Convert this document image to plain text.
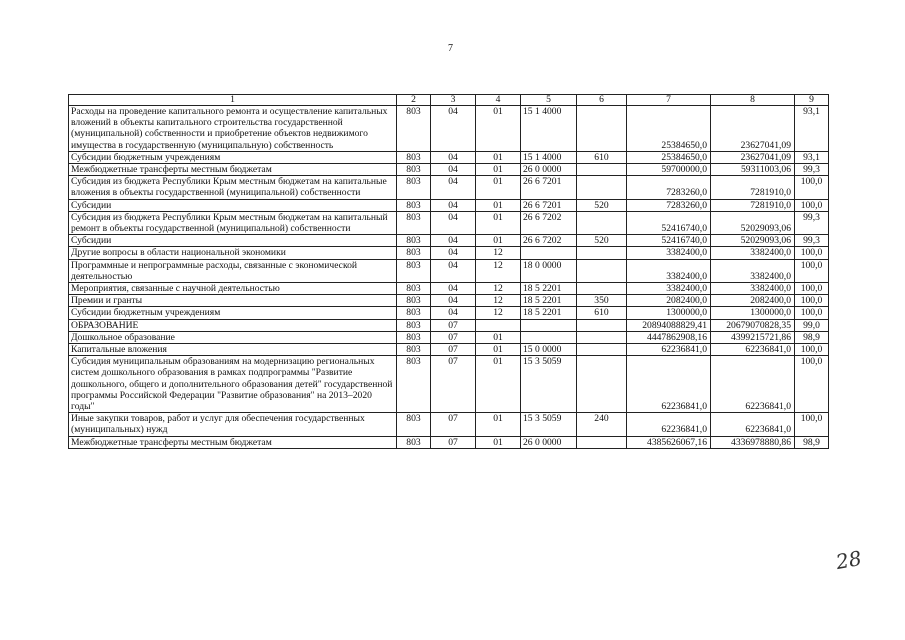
7
1	2	3	4	5	6	7	8	9
Расходы на проведение капитального ремонта и осуществление капитальных вложений в объекты капитального строительства государственной (муниципальной) собственности и приобретение объектов недвижимого имущества в государственную (муниципальную) собственность	803	04	01	15 1 4000		25384650,0	23627041,09	93,1
Субсидии бюджетным учреждениям	803	04	01	15 1 4000	610	25384650,0	23627041,09	93,1
Межбюджетные трансферты местным бюджетам	803	04	01	26 0 0000		59700000,0	59311003,06	99,3
Субсидия из бюджета Республики Крым местным бюджетам на капитальные вложения в объекты государственной (муниципальной) собственности	803	04	01	26 6 7201		7283260,0	7281910,0	100,0
Субсидии	803	04	01	26 6 7201	520	7283260,0	7281910,0	100,0
Субсидия из бюджета Республики Крым местным бюджетам на капитальный ремонт в объекты государственной (муниципальной) собственности	803	04	01	26 6 7202		52416740,0	52029093,06	99,3
Субсидии	803	04	01	26 6 7202	520	52416740,0	52029093,06	99,3
Другие вопросы в области национальной экономики	803	04	12			3382400,0	3382400,0	100,0
Программные и непрограммные расходы, связанные с экономической деятельностью	803	04	12	18 0 0000		3382400,0	3382400,0	100,0
Мероприятия, связанные с научной деятельностью	803	04	12	18 5 2201		3382400,0	3382400,0	100,0
Премии и гранты	803	04	12	18 5 2201	350	2082400,0	2082400,0	100,0
Субсидии бюджетным учреждениям	803	04	12	18 5 2201	610	1300000,0	1300000,0	100,0
ОБРАЗОВАНИЕ	803	07				20894088829,41	20679070828,35	99,0
Дошкольное образование	803	07	01			4447862908,16	4399215721,86	98,9
Капитальные вложения	803	07	01	15 0 0000		62236841,0	62236841,0	100,0
Субсидия муниципальным образованиям на модернизацию региональных систем дошкольного образования в рамках подпрограммы "Развитие дошкольного, общего и дополнительного образования детей" государственной программы Российской Федерации "Развитие образования" на 2013–2020 годы"	803	07	01	15 3 5059		62236841,0	62236841,0	100,0
Иные закупки товаров, работ и услуг для обеспечения государственных (муниципальных) нужд	803	07	01	15 3 5059	240	62236841,0	62236841,0	100,0
Межбюджетные трансферты местным бюджетам	803	07	01	26 0 0000		4385626067,16	4336978880,86	98,9
28
